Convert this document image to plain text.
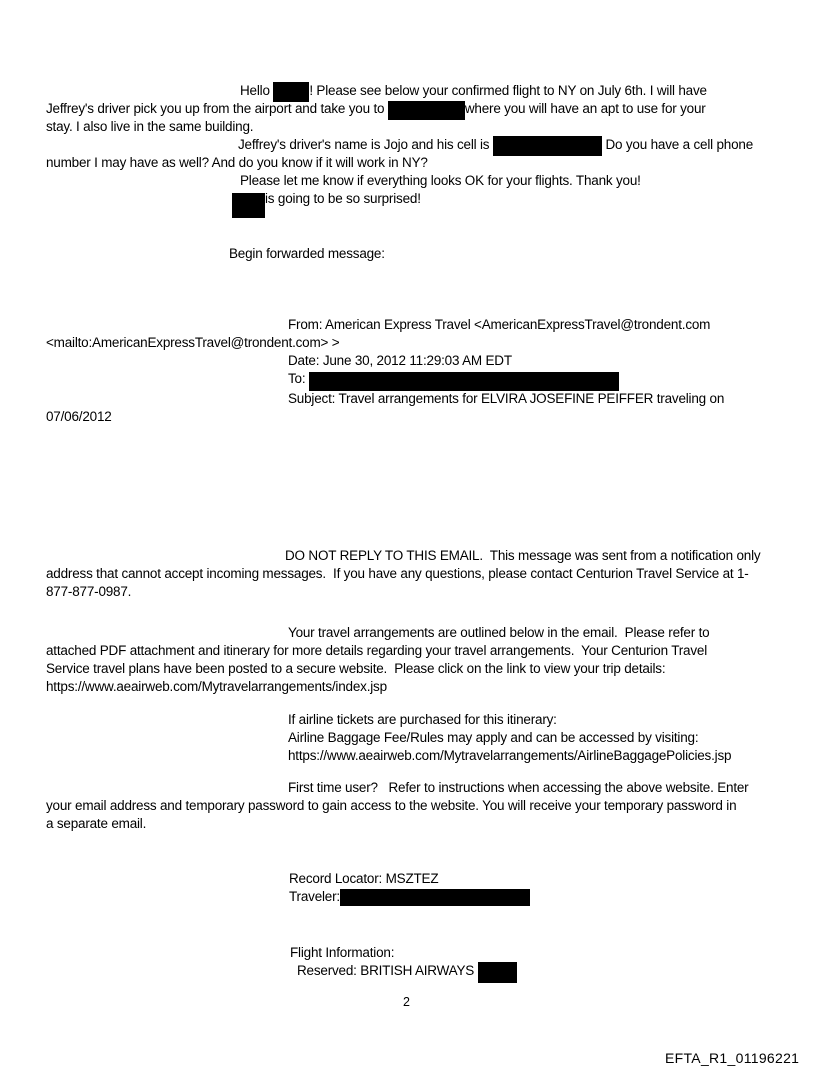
Hello	! Please see below your confirmed flight to NY on July 6th. I will have
Jeffrey's driver pick you up from the airport and take you to	where you will have an apt to use for your
stay. I also live in the same building.
Jeffrey's driver's name is Jojo and his cell is	Do you have a cell phone
number I may have as well? And do you know if it will work in NY?
Please let me know if everything looks OK for your flights. Thank you!
is going to be so surprised!
Begin forwarded message:
From: American Express Travel <AmericanExpressTravel@trondent.com
<mailto:AmericanExpressTravel@trondent.com> >
Date: June 30, 2012 11:29:03 AM EDT
To:
Subject: Travel arrangements for ELVIRA JOSEFINE PEIFFER traveling on
07/06/2012
DO NOT REPLY TO THIS EMAIL.  This message was sent from a notification only
address that cannot accept incoming messages.  If you have any questions, please contact Centurion Travel Service at 1-
877-877-0987.
Your travel arrangements are outlined below in the email.  Please refer to
attached PDF attachment and itinerary for more details regarding your travel arrangements.  Your Centurion Travel
Service travel plans have been posted to a secure website.  Please click on the link to view your trip details:
https://www.aeairweb.com/Mytravelarrangements/index.jsp
If airline tickets are purchased for this itinerary:
Airline Baggage Fee/Rules may apply and can be accessed by visiting:
https://www.aeairweb.com/Mytravelarrangements/AirlineBaggagePolicies.jsp
First time user?   Refer to instructions when accessing the above website. Enter
your email address and temporary password to gain access to the website. You will receive your temporary password in
a separate email.
Record Locator: MSZTEZ
Traveler:
Flight Information:
Reserved: BRITISH AIRWAYS
2
EFTA_R1_01196221
